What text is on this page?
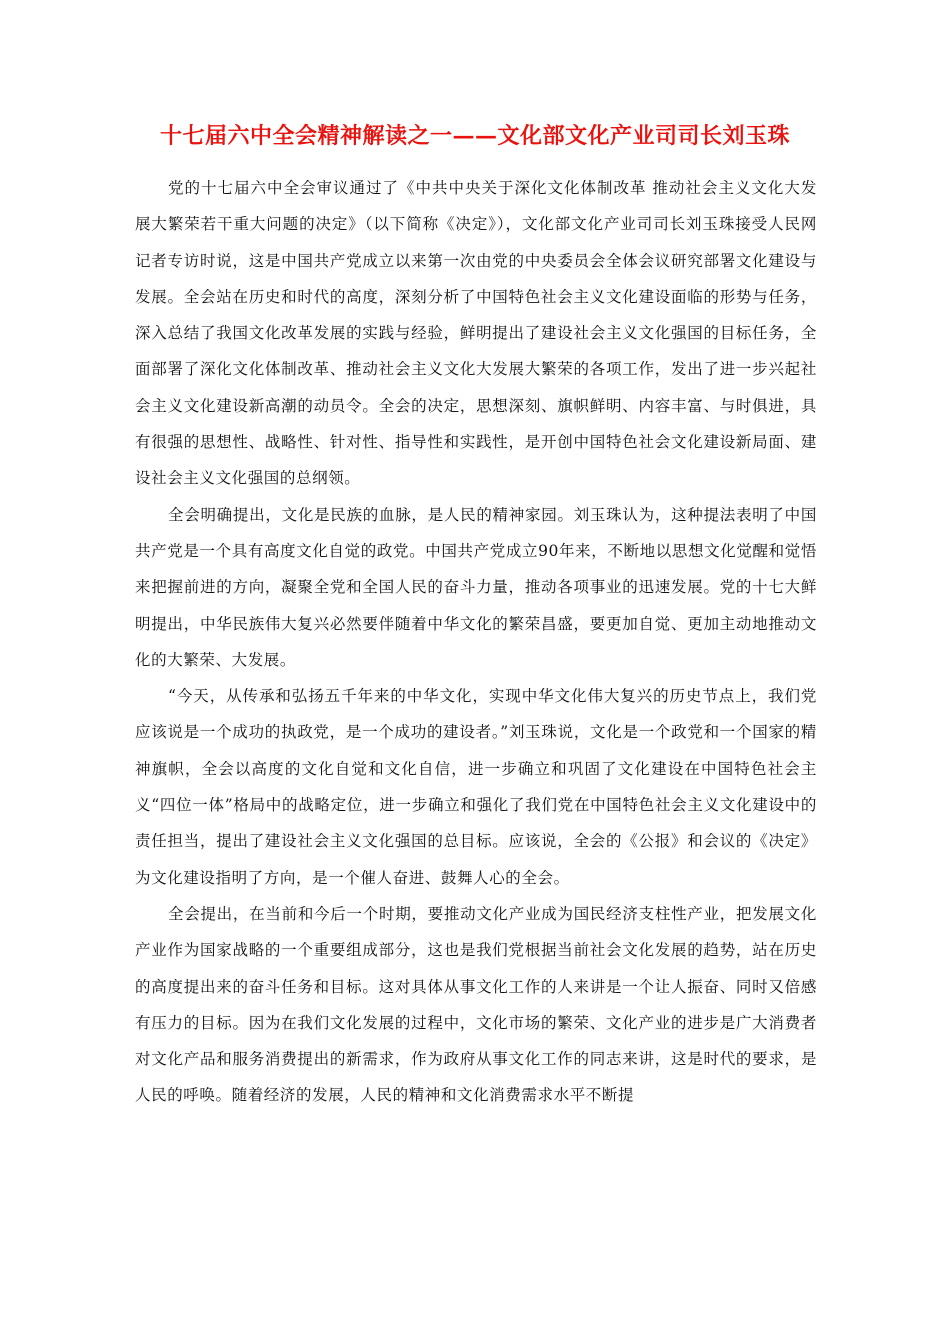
十七届六中全会精神解读之一——文化部文化产业司司长刘玉珠

党的十七届六中全会审议通过了《中共中央关于深化文化体制改革 推动社会主义文化大发展大繁荣若干重大问题的决定》（以下简称《决定》），文化部文化产业司司长刘玉珠接受人民网记者专访时说，这是中国共产党成立以来第一次由党的中央委员会全体会议研究部署文化建设与发展。全会站在历史和时代的高度，深刻分析了中国特色社会主义文化建设面临的形势与任务，深入总结了我国文化改革发展的实践与经验，鲜明提出了建设社会主义文化强国的目标任务，全面部署了深化文化体制改革、推动社会主义文化大发展大繁荣的各项工作，发出了进一步兴起社会主义文化建设新高潮的动员令。全会的决定，思想深刻、旗帜鲜明、内容丰富、与时俱进，具有很强的思想性、战略性、针对性、指导性和实践性，是开创中国特色社会文化建设新局面、建设社会主义文化强国的总纲领。

全会明确提出，文化是民族的血脉，是人民的精神家园。刘玉珠认为，这种提法表明了中国共产党是一个具有高度文化自觉的政党。中国共产党成立90年来，不断地以思想文化觉醒和觉悟来把握前进的方向，凝聚全党和全国人民的奋斗力量，推动各项事业的迅速发展。党的十七大鲜明提出，中华民族伟大复兴必然要伴随着中华文化的繁荣昌盛，要更加自觉、更加主动地推动文化的大繁荣、大发展。

“今天，从传承和弘扬五千年来的中华文化，实现中华文化伟大复兴的历史节点上，我们党应该说是一个成功的执政党，是一个成功的建设者。”刘玉珠说，文化是一个政党和一个国家的精神旗帜，全会以高度的文化自觉和文化自信，进一步确立和巩固了文化建设在中国特色社会主义“四位一体”格局中的战略定位，进一步确立和强化了我们党在中国特色社会主义文化建设中的责任担当，提出了建设社会主义文化强国的总目标。应该说，全会的《公报》和会议的《决定》为文化建设指明了方向，是一个催人奋进、鼓舞人心的全会。

全会提出，在当前和今后一个时期，要推动文化产业成为国民经济支柱性产业，把发展文化产业作为国家战略的一个重要组成部分，这也是我们党根据当前社会文化发展的趋势，站在历史的高度提出来的奋斗任务和目标。这对具体从事文化工作的人来讲是一个让人振奋、同时又倍感有压力的目标。因为在我们文化发展的过程中，文化市场的繁荣、文化产业的进步是广大消费者对文化产品和服务消费提出的新需求，作为政府从事文化工作的同志来讲，这是时代的要求，是人民的呼唤。随着经济的发展，人民的精神和文化消费需求水平不断提
